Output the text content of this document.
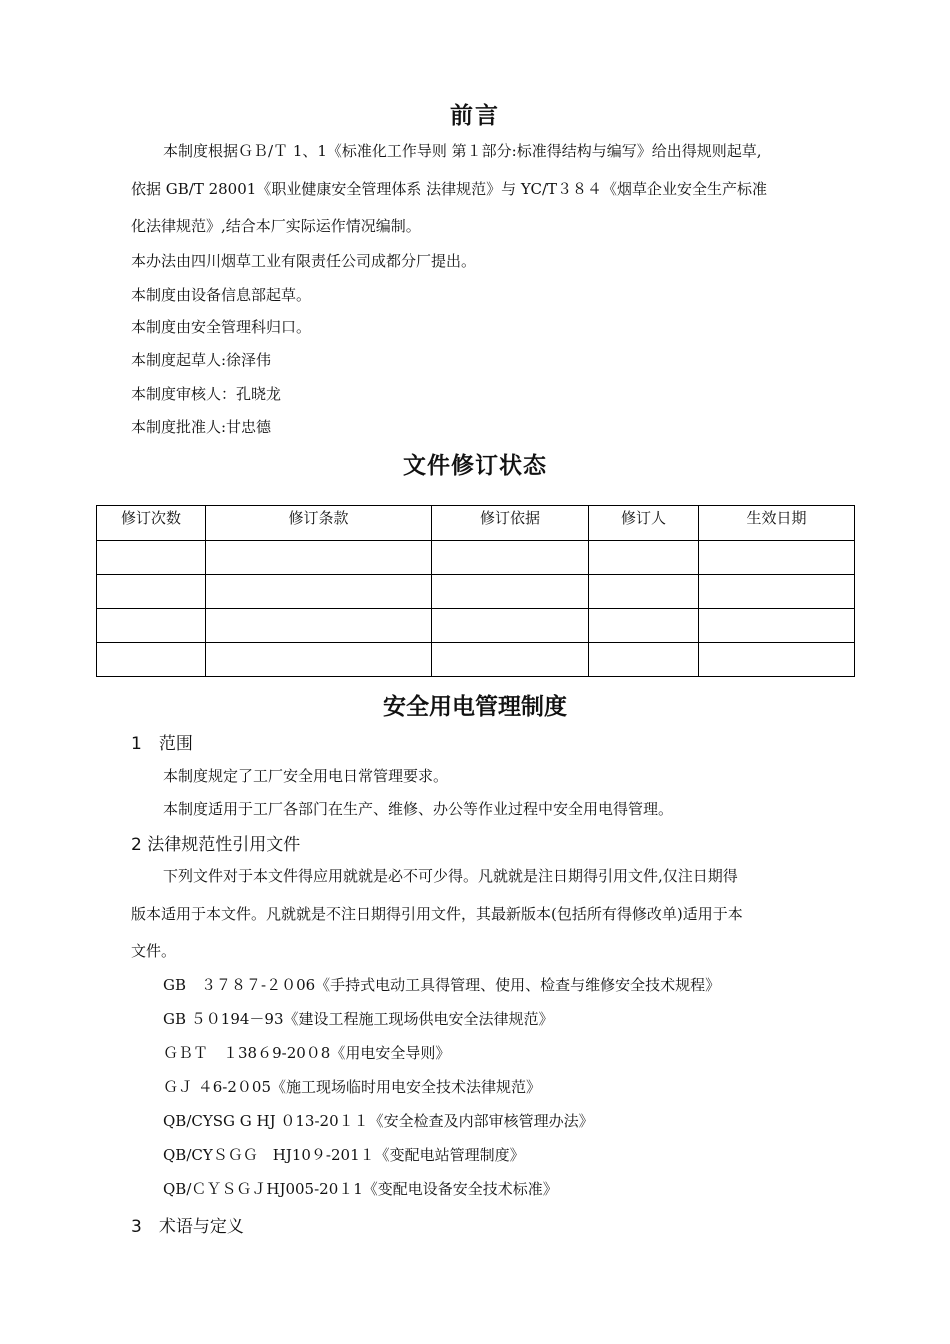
前言
本制度根据ＧＢ/Ｔ 1、1《标准化工作导则 第１部分:标准得结构与编写》给出得规则起草,
依据 GB/T 28001《职业健康安全管理体系 法律规范》与 YC/T３８４《烟草企业安全生产标准
化法律规范》,结合本厂实际运作情况编制。
本办法由四川烟草工业有限责任公司成都分厂提出。
本制度由设备信息部起草。
本制度由安全管理科归口。
本制度起草人:徐泽伟
本制度审核人：孔晓龙
本制度批准人:甘忠德
文件修订状态
修订次数	修订条款	修订依据	修订人	生效日期

安全用电管理制度
1　范围
本制度规定了工厂安全用电日常管理要求。
本制度适用于工厂各部门在生产、维修、办公等作业过程中安全用电得管理。
2 法律规范性引用文件
下列文件对于本文件得应用就就是必不可少得。凡就就是注日期得引用文件,仅注日期得
版本适用于本文件。凡就就是不注日期得引用文件，其最新版本(包括所有得修改单)适用于本
文件。
GB　３７８７-２０06《手持式电动工具得管理、使用、检查与维修安全技术规程》
GB ５０194－93《建设工程施工现场供电安全法律规范》
ＧＢＴ　１38６9-20０8《用电安全导则》
ＧＪ ４6-2０05《施工现场临时用电安全技术法律规范》
QB/CYSG G HJ ０13-20１１《安全检查及内部审核管理办法》
QB/CYＳＧＧ　HJ10９-201１《变配电站管理制度》
QB/ＣＹＳＧＪHJ005-20１1《变配电设备安全技术标准》
3　术语与定义
